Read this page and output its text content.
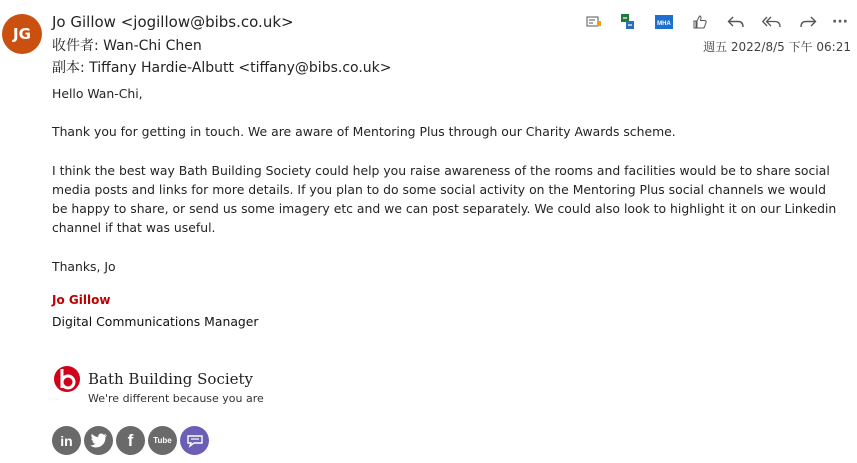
JG
Jo Gillow <jogillow@bibs.co.uk>
收件者: Wan-Chi Chen
副本: Tiffany Hardie-Albutt <tiffany@bibs.co.uk>
MHA	···
週五 2022/8/5 下午 06:21

Hello Wan-Chi,

Thank you for getting in touch. We are aware of Mentoring Plus through our Charity Awards scheme.

I think the best way Bath Building Society could help you raise awareness of the rooms and facilities would be to share social media posts and links for more details. If you plan to do some social activity on the Mentoring Plus social channels we would be happy to share, or send us some imagery etc and we can post separately. We could also look to highlight it on our Linkedin channel if that was useful.

Thanks, Jo

Jo Gillow
Digital Communications Manager
Bath Building Society
We're different because you are
in	f	Tube
